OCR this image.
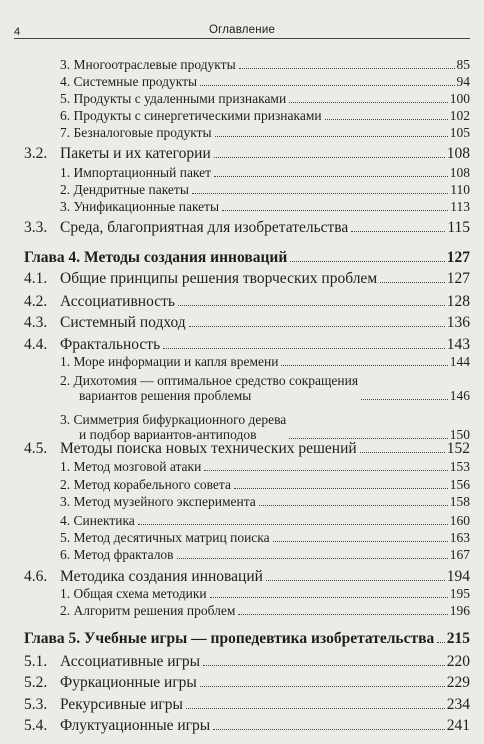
4	Оглавление
3. Многоотраслевые продукты	85
4. Системные продукты	94
5. Продукты с удаленными признаками	100
6. Продукты с синергетическими признаками	102
7. Безналоговые продукты	105
3.2. Пакеты и их категории	108
1. Импортационный пакет	108
2. Дендритные пакеты	110
3. Унификационные пакеты	113
3.3. Среда, благоприятная для изобретательства	115
Глава 4. Методы создания инноваций	127
4.1. Общие принципы решения творческих проблем	127
4.2. Ассоциативность	128
4.3. Системный подход	136
4.4. Фрактальность	143
1. Море информации и капля времени	144
2. Дихотомия — оптимальное средство сокращения
вариантов решения проблемы	146
3. Симметрия бифуркационного дерева
и подбор вариантов-антиподов	150
4.5. Методы поиска новых технических решений	152
1. Метод мозговой атаки	153
2. Метод корабельного совета	156
3. Метод музейного эксперимента	158
4. Синектика	160
5. Метод десятичных матриц поиска	163
6. Метод фракталов	167
4.6. Методика создания инноваций	194
1. Общая схема методики	195
2. Алгоритм решения проблем	196
Глава 5. Учебные игры — пропедевтика изобретательства 215
5.1. Ассоциативные игры	220
5.2. Фуркационные игры	229
5.3. Рекурсивные игры	234
5.4. Флуктуационные игры	241
